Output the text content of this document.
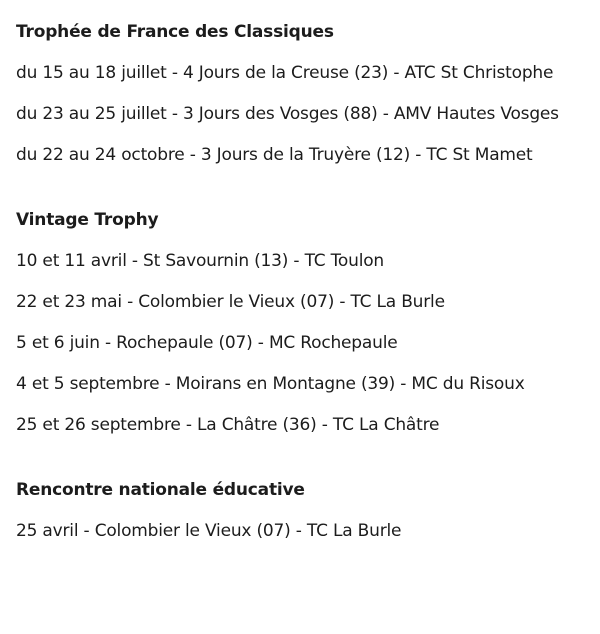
Trophée de France des Classiques
du 15 au 18 juillet - 4 Jours de la Creuse (23) - ATC St Christophe
du 23 au 25 juillet - 3 Jours des Vosges (88) - AMV Hautes Vosges
du 22 au 24 octobre - 3 Jours de la Truyère (12) - TC St Mamet
Vintage Trophy
10 et 11 avril - St Savournin (13) - TC Toulon
22 et 23 mai - Colombier le Vieux (07) - TC La Burle
5 et 6 juin - Rochepaule (07) - MC Rochepaule
4 et 5 septembre - Moirans en Montagne (39) - MC du Risoux
25 et 26 septembre - La Châtre (36) - TC La Châtre
Rencontre nationale éducative
25 avril - Colombier le Vieux (07) - TC La Burle
